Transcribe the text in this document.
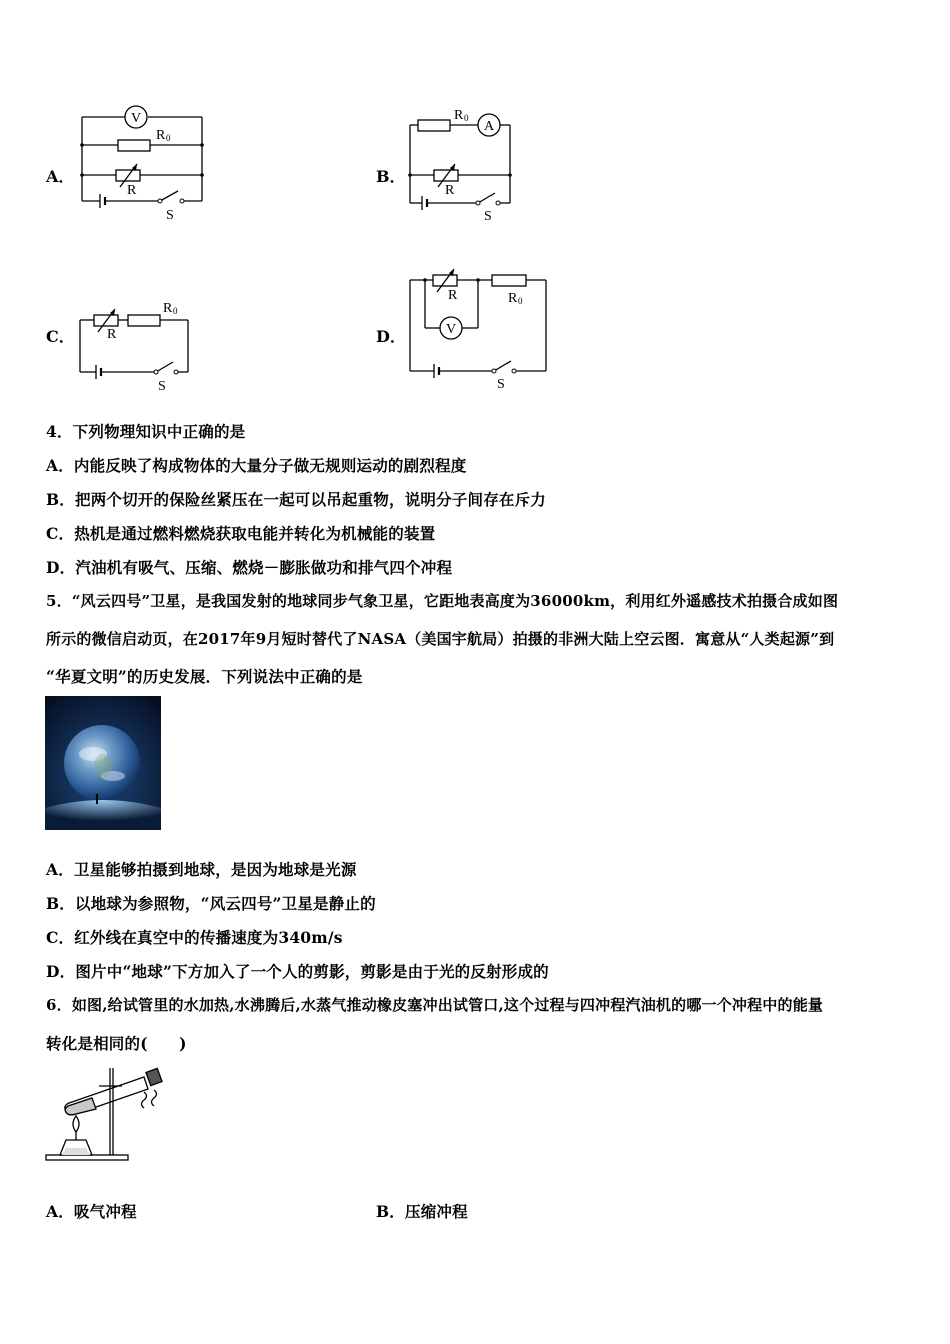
A．
V
R 0
R
S
B．
A
R 0
R
S
C．
R 0
R
S
D．	V
R	R 0
S
4．下列物理知识中正确的是
A．内能反映了构成物体的大量分子做无规则运动的剧烈程度
B．把两个切开的保险丝紧压在一起可以吊起重物，说明分子间存在斥力
C．热机是通过燃料燃烧获取电能并转化为机械能的装置
D．汽油机有吸气、压缩、燃烧－膨胀做功和排气四个冲程
5．“风云四号”卫星，是我国发射的地球同步气象卫星，它距地表高度为36000km，利用红外遥感技术拍摄合成如图
所示的微信启动页，在2017年9月短时替代了NASA（美国宇航局）拍摄的非洲大陆上空云图．寓意从“人类起源”到
“华夏文明”的历史发展．下列说法中正确的是
A．卫星能够拍摄到地球，是因为地球是光源
B．以地球为参照物，“风云四号”卫星是静止的
C．红外线在真空中的传播速度为340m/s
D．图片中“地球”下方加入了一个人的剪影，剪影是由于光的反射形成的
6．如图,给试管里的水加热,水沸腾后,水蒸气推动橡皮塞冲出试管口,这个过程与四冲程汽油机的哪一个冲程中的能量
转化是相同的(　　)
A．吸气冲程	B．压缩冲程
